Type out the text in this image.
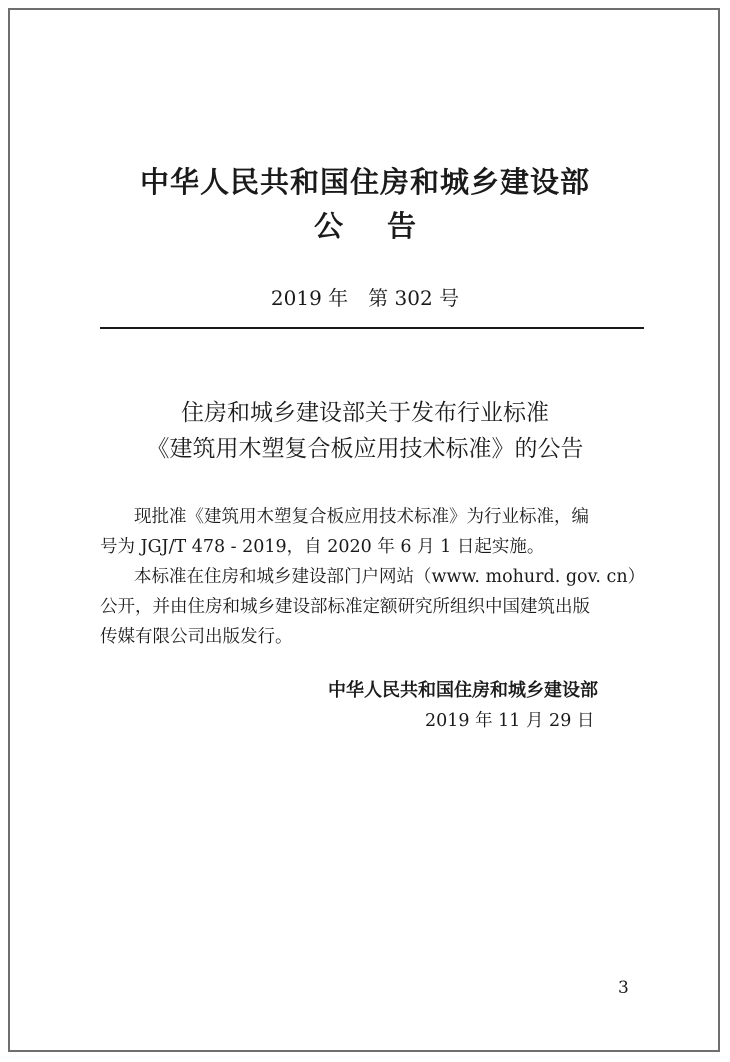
中华人民共和国住房和城乡建设部
公告
2019 年　第 302 号
住房和城乡建设部关于发布行业标准
《建筑用木塑复合板应用技术标准》的公告
现批准《建筑用木塑复合板应用技术标准》为行业标准，编
号为 JGJ/T 478 - 2019，自 2020 年 6 月 1 日起实施。
本标准在住房和城乡建设部门户网站（www. mohurd. gov. cn）
公开，并由住房和城乡建设部标准定额研究所组织中国建筑出版
传媒有限公司出版发行。
中华人民共和国住房和城乡建设部
2019 年 11 月 29 日
3
